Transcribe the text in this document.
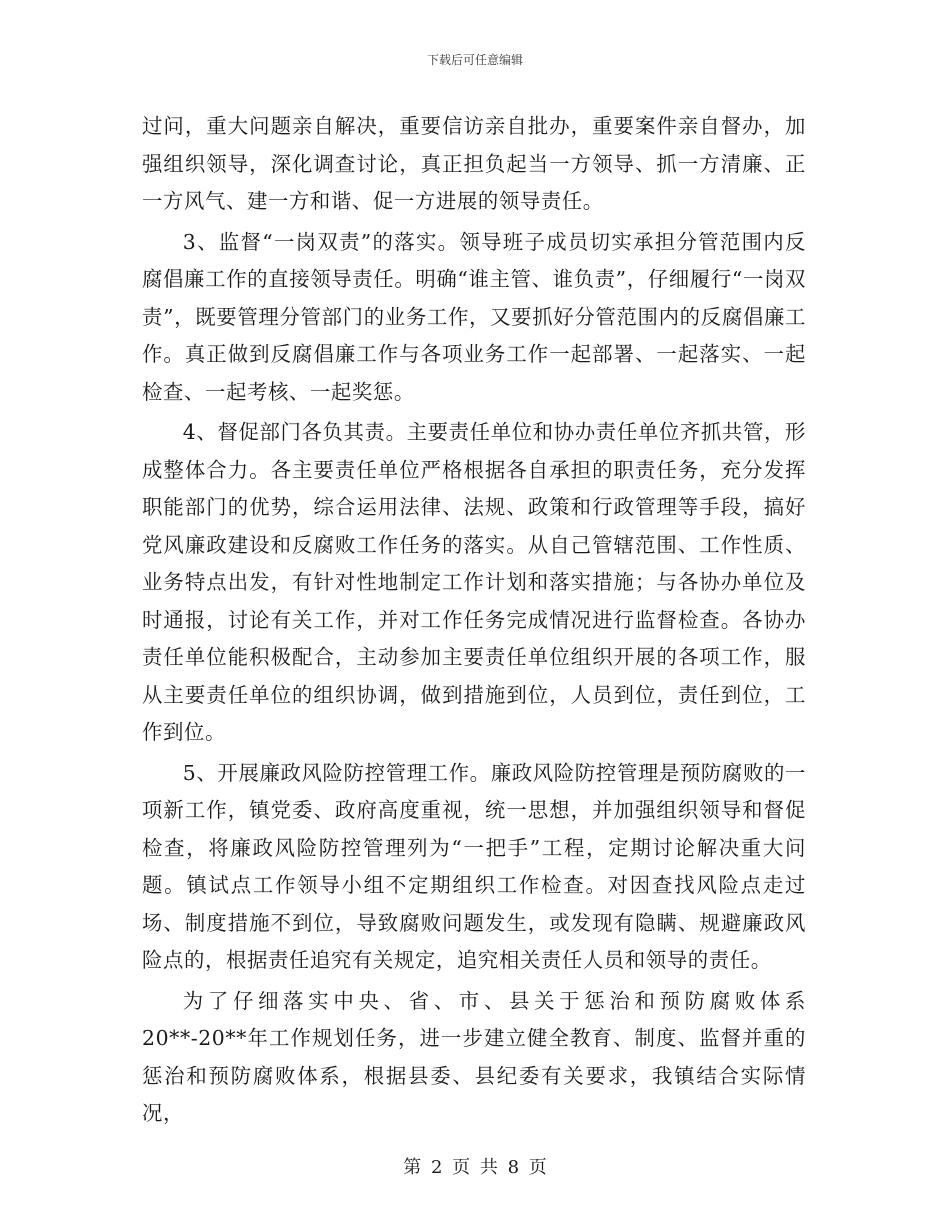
下载后可任意编辑

过问，重大问题亲自解决，重要信访亲自批办，重要案件亲自督办，加强组织领导，深化调查讨论，真正担负起当一方领导、抓一方清廉、正一方风气、建一方和谐、促一方进展的领导责任。

3、监督“一岗双责”的落实。领导班子成员切实承担分管范围内反腐倡廉工作的直接领导责任。明确“谁主管、谁负责”，仔细履行“一岗双责”，既要管理分管部门的业务工作，又要抓好分管范围内的反腐倡廉工作。真正做到反腐倡廉工作与各项业务工作一起部署、一起落实、一起检查、一起考核、一起奖惩。

4、督促部门各负其责。主要责任单位和协办责任单位齐抓共管，形成整体合力。各主要责任单位严格根据各自承担的职责任务，充分发挥职能部门的优势，综合运用法律、法规、政策和行政管理等手段，搞好党风廉政建设和反腐败工作任务的落实。从自己管辖范围、工作性质、业务特点出发，有针对性地制定工作计划和落实措施；与各协办单位及时通报，讨论有关工作，并对工作任务完成情况进行监督检查。各协办责任单位能积极配合，主动参加主要责任单位组织开展的各项工作，服从主要责任单位的组织协调，做到措施到位，人员到位，责任到位，工作到位。

5、开展廉政风险防控管理工作。廉政风险防控管理是预防腐败的一项新工作，镇党委、政府高度重视，统一思想，并加强组织领导和督促检查，将廉政风险防控管理列为“一把手”工程，定期讨论解决重大问题。镇试点工作领导小组不定期组织工作检查。对因查找风险点走过场、制度措施不到位，导致腐败问题发生，或发现有隐瞒、规避廉政风险点的，根据责任追究有关规定，追究相关责任人员和领导的责任。

为了仔细落实中央、省、市、县关于惩治和预防腐败体系20**-20**年工作规划任务，进一步建立健全教育、制度、监督并重的惩治和预防腐败体系，根据县委、县纪委有关要求，我镇结合实际情况，

第 2 页 共 8 页
